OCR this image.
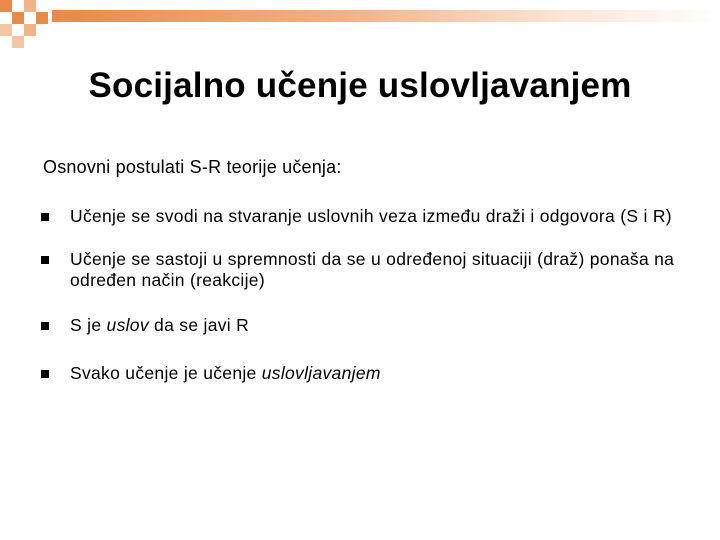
Socijalno učenje uslovljavanjem
Osnovni postulati S-R teorije učenja:
Učenje se svodi na stvaranje uslovnih veza između draži i odgovora (S i R)
Učenje se sastoji u spremnosti da se u određenoj situaciji (draž) ponaša na određen način (reakcije)
S je uslov da se javi R
Svako učenje je učenje uslovljavanjem
